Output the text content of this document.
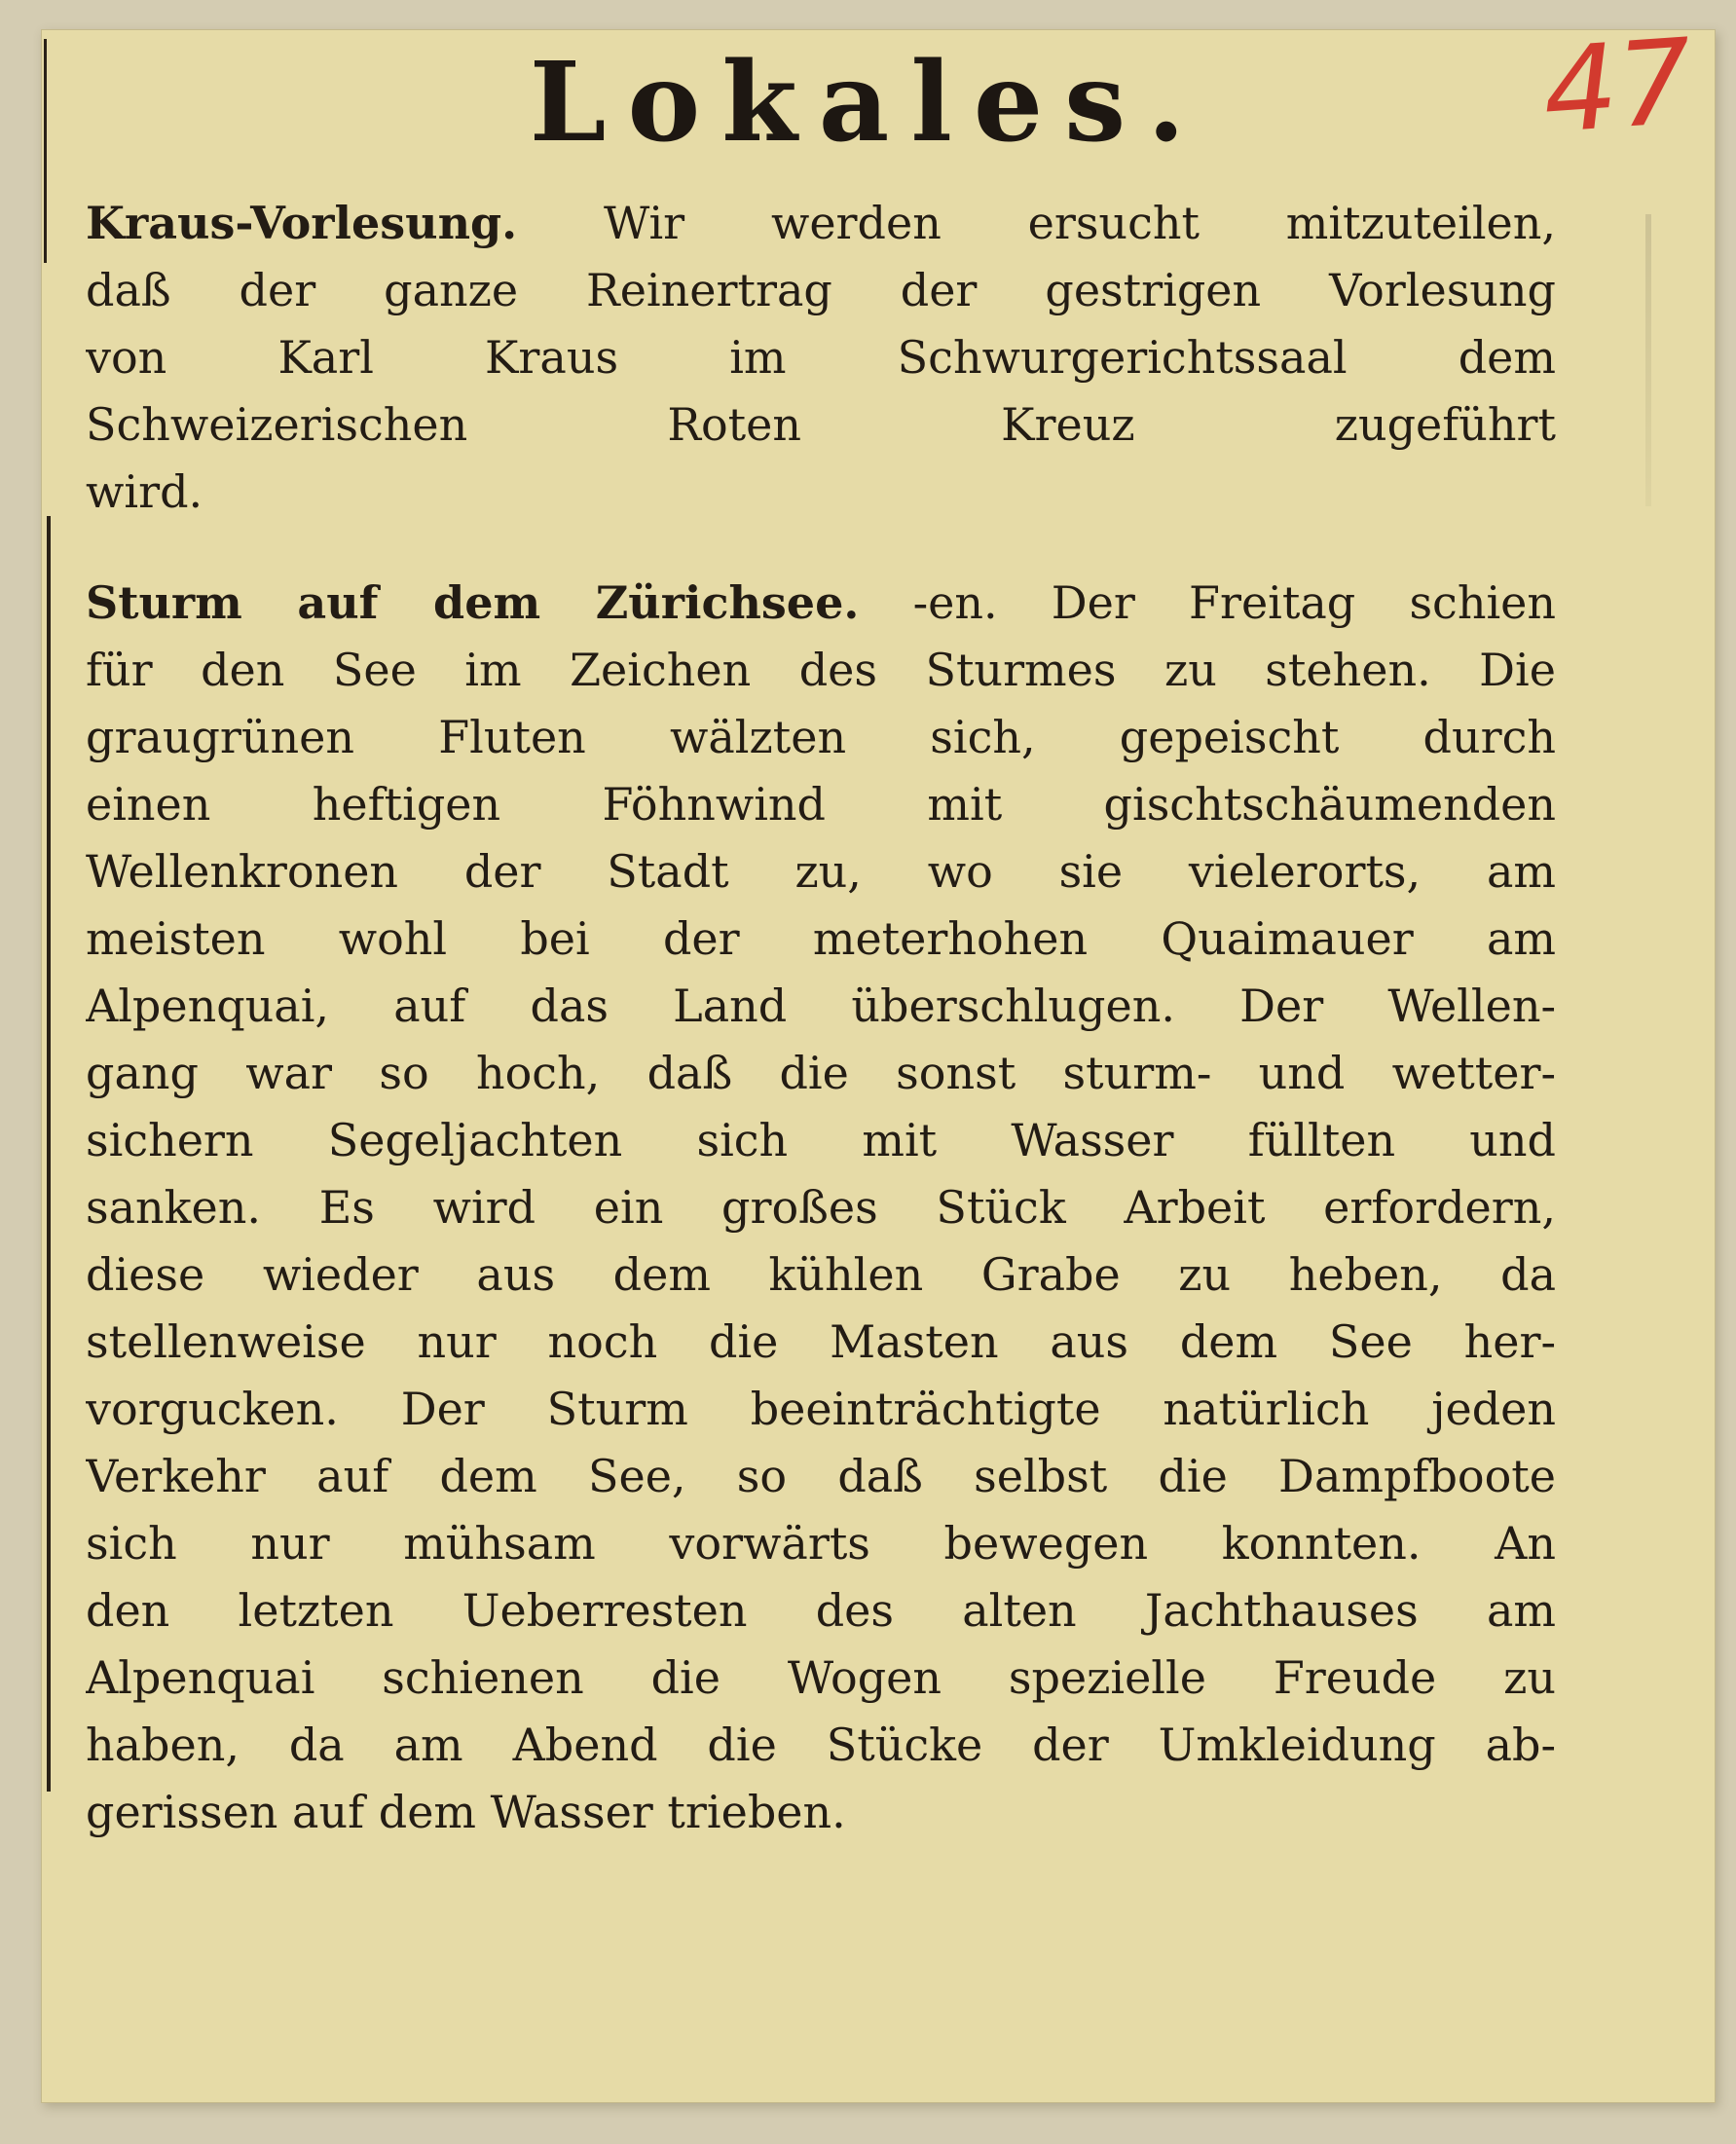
47
Lokales.
Kraus-Vorlesung. Wir werden ersucht mitzuteilen,
daß der ganze Reinertrag der gestrigen Vorlesung
von Karl Kraus im Schwurgerichtssaal dem
Schweizerischen Roten Kreuz zugeführt
wird.
Sturm auf dem Zürichsee. -en. Der Freitag schien
für den See im Zeichen des Sturmes zu stehen. Die
graugrünen Fluten wälzten sich, gepeischt durch
einen heftigen Föhnwind mit gischtschäumenden
Wellenkronen der Stadt zu, wo sie vielerorts, am
meisten wohl bei der meterhohen Quaimauer am
Alpenquai, auf das Land überschlugen. Der Wellen-
gang war so hoch, daß die sonst sturm- und wetter-
sichern Segeljachten sich mit Wasser füllten und
sanken. Es wird ein großes Stück Arbeit erfordern,
diese wieder aus dem kühlen Grabe zu heben, da
stellenweise nur noch die Masten aus dem See her-
vorgucken. Der Sturm beeinträchtigte natürlich jeden
Verkehr auf dem See, so daß selbst die Dampfboote
sich nur mühsam vorwärts bewegen konnten. An
den letzten Ueberresten des alten Jachthauses am
Alpenquai schienen die Wogen spezielle Freude zu
haben, da am Abend die Stücke der Umkleidung ab-
gerissen auf dem Wasser trieben.
